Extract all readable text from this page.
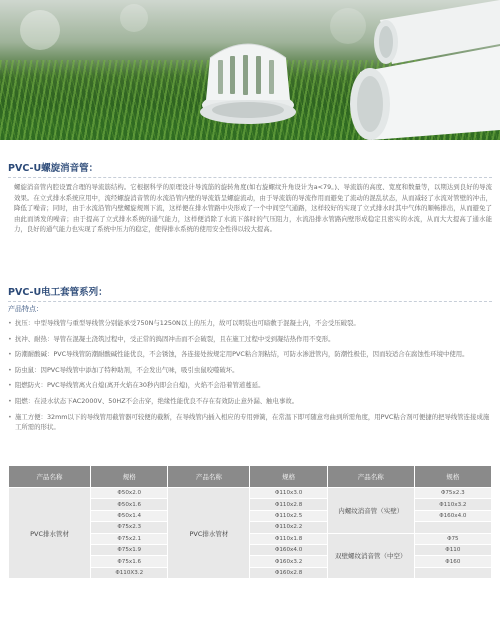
PVC-U螺旋消音管：

螺旋消音管内腔设置合理的导流筋结构。它根据科学的原理设计导流筋的旋转角度(如右旋螺纹升角设计为a<79。)、导流筋的高度、宽度和数量等，以期达到良好的导流效果。在立式排水系统应用中，流经螺旋消音管的水流沿管内壁的导流筋呈螺旋流动，由于导流筋的导流作用而避免了流动的混乱状态，从而减轻了水流对管壁的冲击，降低了噪音；同时，由于水流沿管内壁螺旋规则下流，这样便在排水管路中央形成了一个中间空气通路，这样较好的实现了立式排水时其中气体的顺畅排出，从而避免了由此而诱发的噪音；由于提高了立式排水系统的通气能力，这样便消除了水流下落时的气压阻力，水流沿排水管路向壁形成稳定且密实的水流，从而大大提高了通水能力，良好的通气能力也实现了系统中压力的稳定，使得排水系统的使用安全性得以较大提高。

PVC-U电工套管系列：
产品特点：
• 抗压：中型导线管与重型导线管分别能承受750N与1250N以上的压力，故可以明装也可暗敷于混凝土内，不会受压破裂。
• 抗冲、耐热：导管在混凝土浇筑过程中，受正常的捣固冲击而不会破裂，且在施工过程中受到凝结热作用不变形。
• 防潮耐酸碱：PVC导线管防潮耐酸碱性能优良，不会锈蚀，各连接处按规定用PVC粘合剂粘结，可防水渗进管内，防潮性极佳，因而较适合在腐蚀性环境中使用。
• 防虫鼠：因PVC导线管中添加了特种助剂，不会发出气味，吸引虫鼠咬噬破坏。
• 阻燃防火：PVC导线管离火自熄(离开火焰在30秒内即会自熄)，火焰不会沿着管道蔓延。
• 阻燃：在浸水状态下AC2000V、50HZ不会击穿，绝缘性能优良不存在有效防止意外漏、触电事故。
• 施工方便：32mm以下的导线管用截管器可较便的截断，在导线管内插入相应的专用弹簧，在常温下即可随意弯曲到所需角度，用PVC粘合剂可便捷的把导线管连接成施工所需的形状。
产品名称	规格	产品名称	规格	产品名称	规格
PVC排水管材	Φ50x2.0	PVC排水管材	Φ110x3.0	内螺纹消音管（实壁）	Φ75x2.3
	Φ50x1.6		Φ110x2.8		Φ110x3.2
	Φ50x1.4		Φ110x2.5		Φ160x4.0
	Φ75x2.3		Φ110x2.2		
	Φ75x2.1		Φ110x1.8	双壁螺纹消音管（中空）	Φ75
	Φ75x1.9		Φ160x4.0		Φ110
	Φ75x1.6		Φ160x3.2		Φ160
	Φ110X3.2		Φ160x2.8		
